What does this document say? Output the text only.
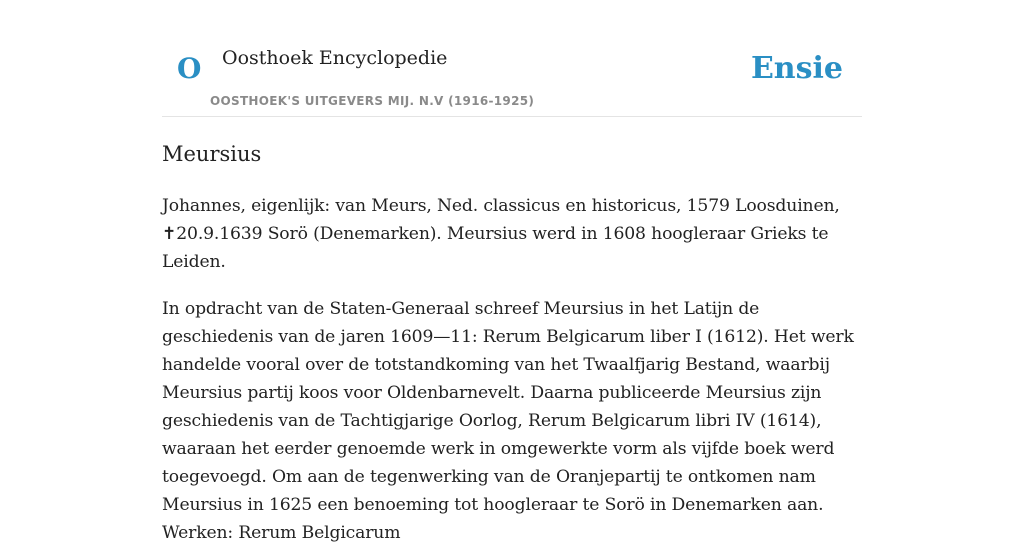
O Oosthoek Encyclopedie
OOSTHOEK'S UITGEVERS MIJ. N.V (1916-1925)
Ensie
Meursius

Johannes, eigenlijk: van Meurs, Ned. classicus en historicus, 1579 Loosduinen, ✝20.9.1639 Sorö (Denemarken). Meursius werd in 1608 hoogleraar Grieks te Leiden.

In opdracht van de Staten-Generaal schreef Meursius in het Latijn de geschiedenis van de jaren 1609—11: Rerum Belgicarum liber I (1612). Het werk handelde vooral over de totstandkoming van het Twaalfjarig Bestand, waarbij Meursius partij koos voor Oldenbarnevelt. Daarna publiceerde Meursius zijn geschiedenis van de Tachtigjarige Oorlog, Rerum Belgicarum libri IV (1614), waaraan het eerder genoemde werk in omgewerkte vorm als vijfde boek werd toegevoegd. Om aan de tegenwerking van de Oranjepartij te ontkomen nam Meursius in 1625 een benoeming tot hoogleraar te Sorö in Denemarken aan. Werken: Rerum Belgicarum
